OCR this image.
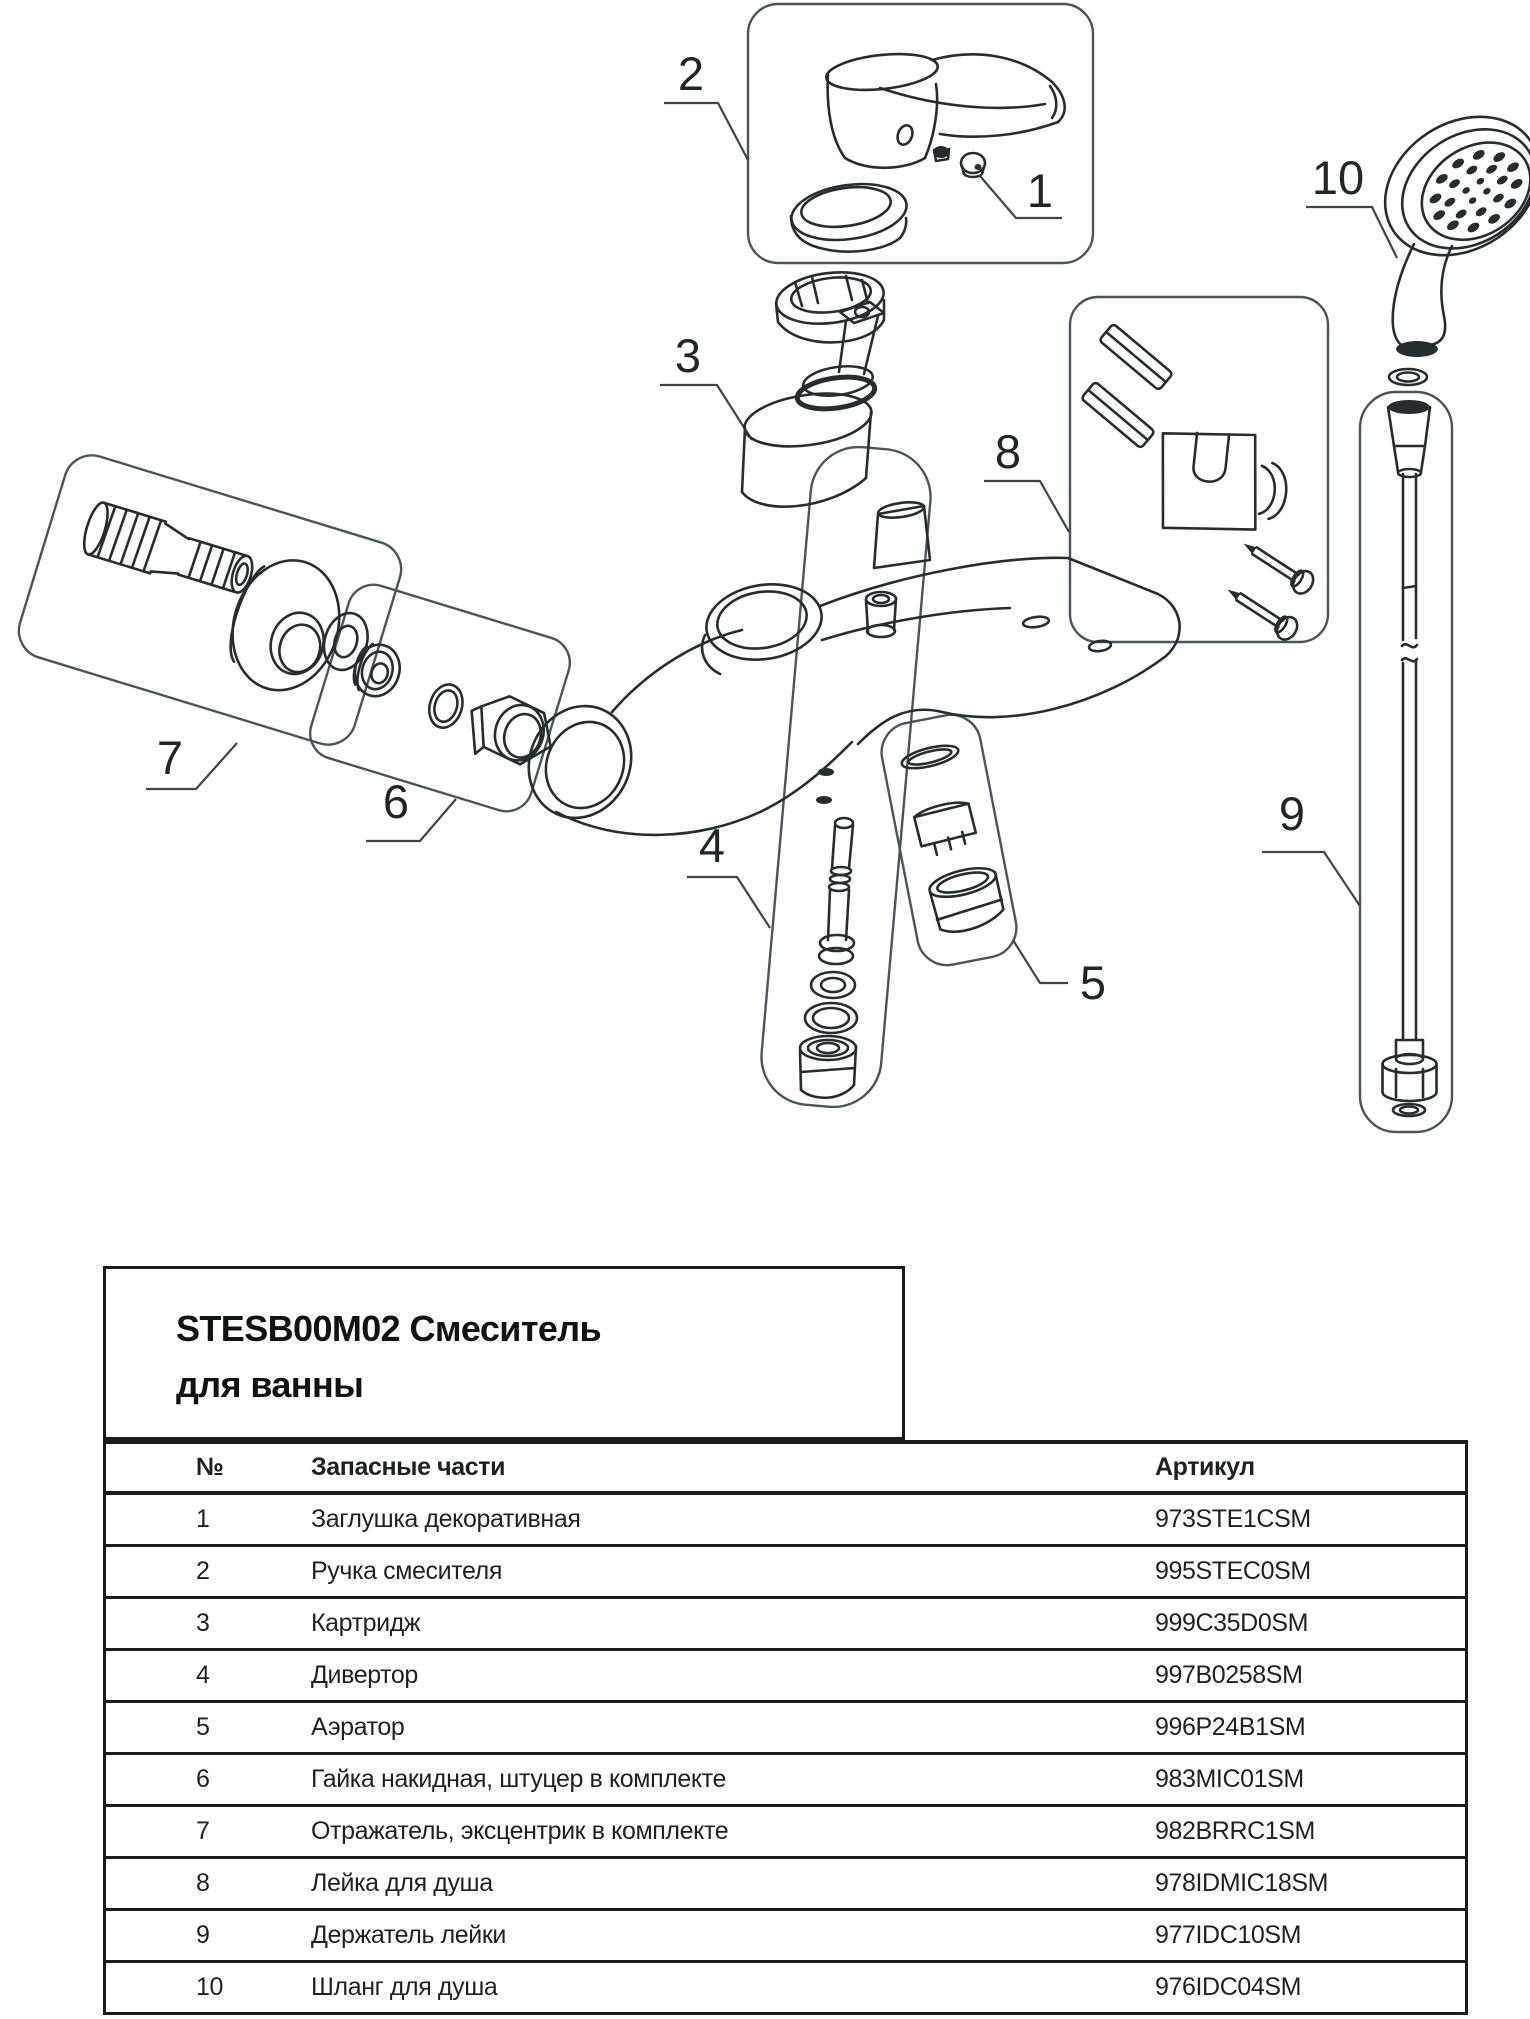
1
2
3
4
5
6
7
8
9
10
STESB00M02 Смеситель
для ванны
№	Запасные части	Артикул
1	Заглушка декоративная	973STE1CSM
2	Ручка смесителя	995STEC0SM
3	Картридж	999C35D0SM
4	Дивертор	997B0258SM
5	Аэратор	996P24B1SM
6	Гайка накидная, штуцер в комплекте	983MIC01SM
7	Отражатель, эксцентрик в комплекте	982BRRC1SM
8	Лейка для душа	978IDMIC18SM
9	Держатель лейки	977IDC10SM
10	Шланг для душа	976IDC04SM
